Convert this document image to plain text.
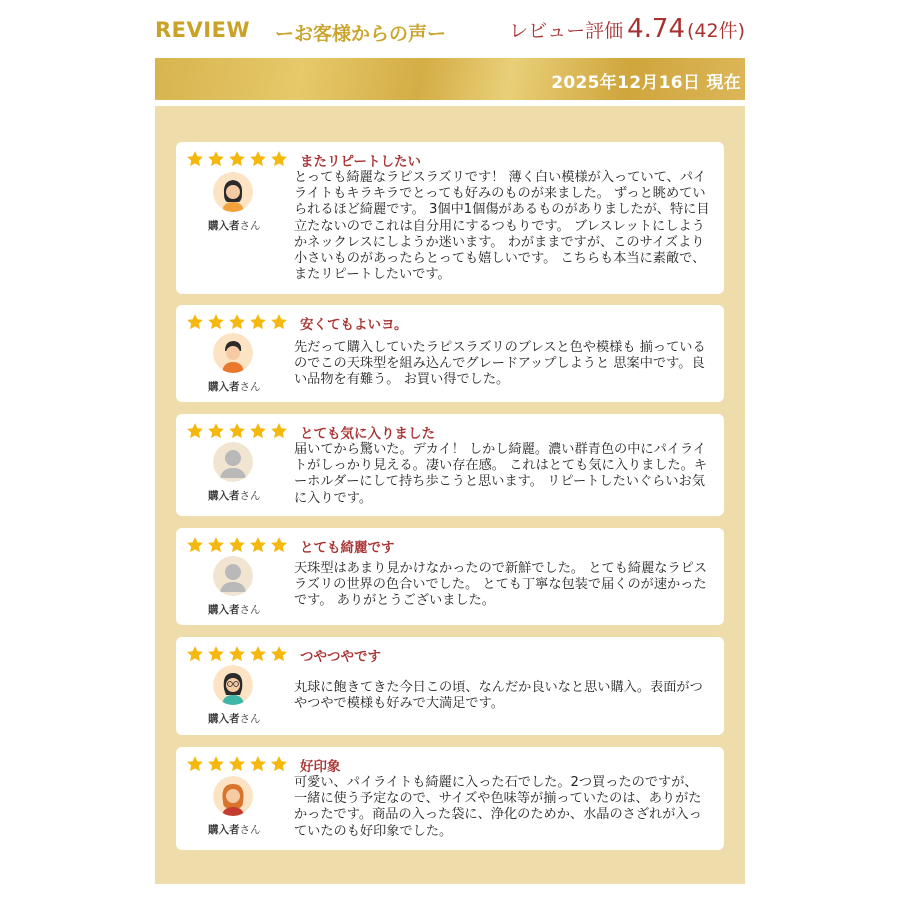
REVIEW ーお客様からの声ー	レビュー評価 4.74 (42件)
2025年12月16日 現在
またリピートしたい
購入者さん
とっても綺麗なラピスラズリです！ 薄く白い模様が入っていて、パイライトもキラキラでとっても好みのものが来ました。 ずっと眺めていられるほど綺麗です。 3個中1個傷があるものがありましたが、特に目立たないのでこれは自分用にするつもりです。 ブレスレットにしようかネックレスにしようか迷います。 わがままですが、このサイズより小さいものがあったらとっても嬉しいです。 こちらも本当に素敵で、またリピートしたいです。
安くてもよいヨ。
購入者さん
先だって購入していたラピスラズリのブレスと色や模様も 揃っているのでこの天珠型を組み込んでグレードアップしようと 思案中です。良い品物を有難う。 お買い得でした。
とても気に入りました
購入者さん
届いてから驚いた。デカイ！ しかし綺麗。濃い群青色の中にパイライトがしっかり見える。凄い存在感。 これはとても気に入りました。キーホルダーにして持ち歩こうと思います。 リピートしたいぐらいお気に入りです。
とても綺麗です
購入者さん
天珠型はあまり見かけなかったので新鮮でした。 とても綺麗なラピスラズリの世界の色合いでした。 とても丁寧な包装で届くのが速かったです。 ありがとうございました。
つやつやです
購入者さん
丸球に飽きてきた今日この頃、なんだか良いなと思い購入。表面がつやつやで模様も好みで大満足です。
好印象
購入者さん
可愛い、パイライトも綺麗に入った石でした。2つ買ったのですが、一緒に使う予定なので、サイズや色味等が揃っていたのは、ありがたかったです。商品の入った袋に、浄化のためか、水晶のさざれが入っていたのも好印象でした。
